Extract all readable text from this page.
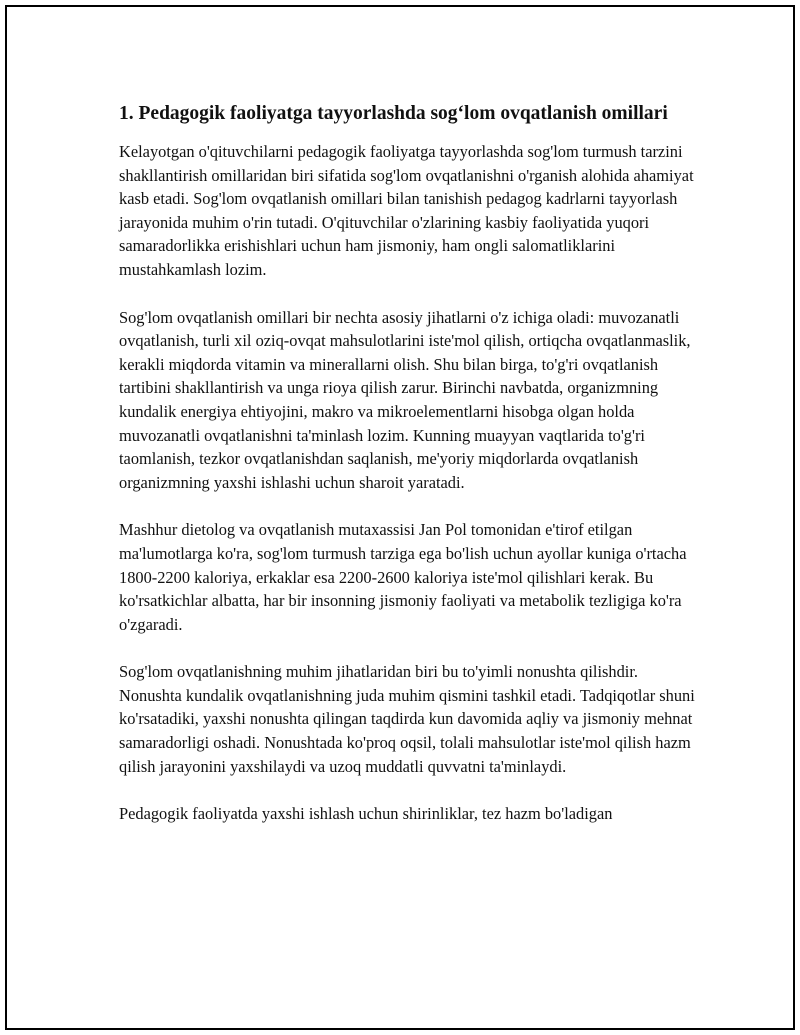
1. Pedagogik faoliyatga tayyorlashda sog‘lom ovqatlanish omillari

Kelayotgan o'qituvchilarni pedagogik faoliyatga tayyorlashda sog'lom turmush tarzini shakllantirish omillaridan biri sifatida sog'lom ovqatlanishni o'rganish alohida ahamiyat kasb etadi. Sog'lom ovqatlanish omillari bilan tanishish pedagog kadrlarni tayyorlash jarayonida muhim o'rin tutadi. O'qituvchilar o'zlarining kasbiy faoliyatida yuqori samaradorlikka erishishlari uchun ham jismoniy, ham ongli salomatliklarini mustahkamlash lozim.

Sog'lom ovqatlanish omillari bir nechta asosiy jihatlarni o'z ichiga oladi: muvozanatli ovqatlanish, turli xil oziq-ovqat mahsulotlarini iste'mol qilish, ortiqcha ovqatlanmaslik, kerakli miqdorda vitamin va minerallarni olish. Shu bilan birga, to'g'ri ovqatlanish tartibini shakllantirish va unga rioya qilish zarur. Birinchi navbatda, organizmning kundalik energiya ehtiyojini, makro va mikroelementlarni hisobga olgan holda muvozanatli ovqatlanishni ta'minlash lozim. Kunning muayyan vaqtlarida to'g'ri taomlanish, tezkor ovqatlanishdan saqlanish, me'yoriy miqdorlarda ovqatlanish organizmning yaxshi ishlashi uchun sharoit yaratadi.

Mashhur dietolog va ovqatlanish mutaxassisi Jan Pol tomonidan e'tirof etilgan ma'lumotlarga ko'ra, sog'lom turmush tarziga ega bo'lish uchun ayollar kuniga o'rtacha 1800-2200 kaloriya, erkaklar esa 2200-2600 kaloriya iste'mol qilishlari kerak. Bu ko'rsatkichlar albatta, har bir insonning jismoniy faoliyati va metabolik tezligiga ko'ra o'zgaradi.

Sog'lom ovqatlanishning muhim jihatlaridan biri bu to'yimli nonushta qilishdir. Nonushta kundalik ovqatlanishning juda muhim qismini tashkil etadi. Tadqiqotlar shuni ko'rsatadiki, yaxshi nonushta qilingan taqdirda kun davomida aqliy va jismoniy mehnat samaradorligi oshadi. Nonushtada ko'proq oqsil, tolali mahsulotlar iste'mol qilish hazm qilish jarayonini yaxshilaydi va uzoq muddatli quvvatni ta'minlaydi.

Pedagogik faoliyatda yaxshi ishlash uchun shirinliklar, tez hazm bo'ladigan
